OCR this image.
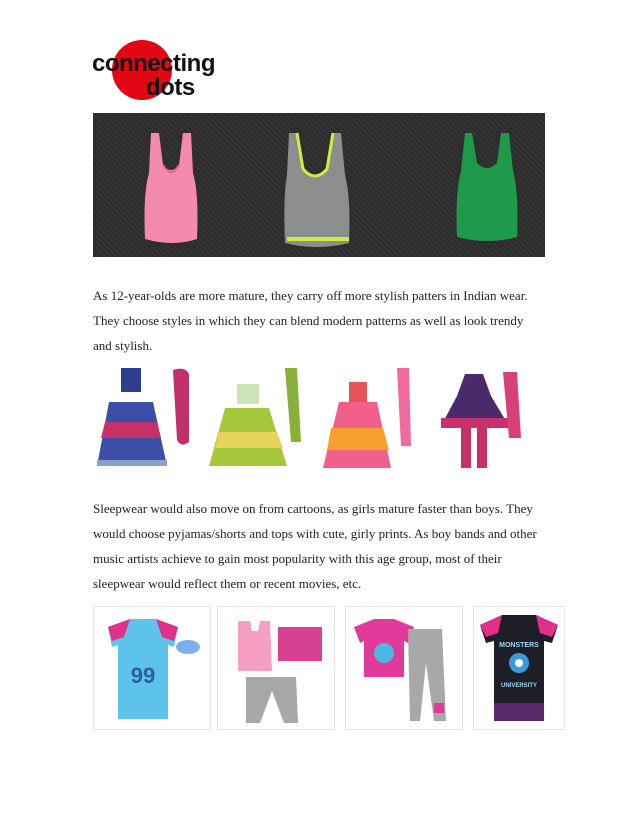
connecting
dots
As 12-year-olds are more mature, they carry off more stylish patters in Indian wear. They choose styles in which they can blend modern patterns as well as look trendy and stylish.
Sleepwear would also move on from cartoons, as girls mature faster than boys. They would choose pyjamas/shorts and tops with cute, girly prints. As boy bands and other music artists achieve to gain most popularity with this age group, most of their sleepwear would reflect them or recent movies, etc.
99
MONSTERS
UNIVERSITY
